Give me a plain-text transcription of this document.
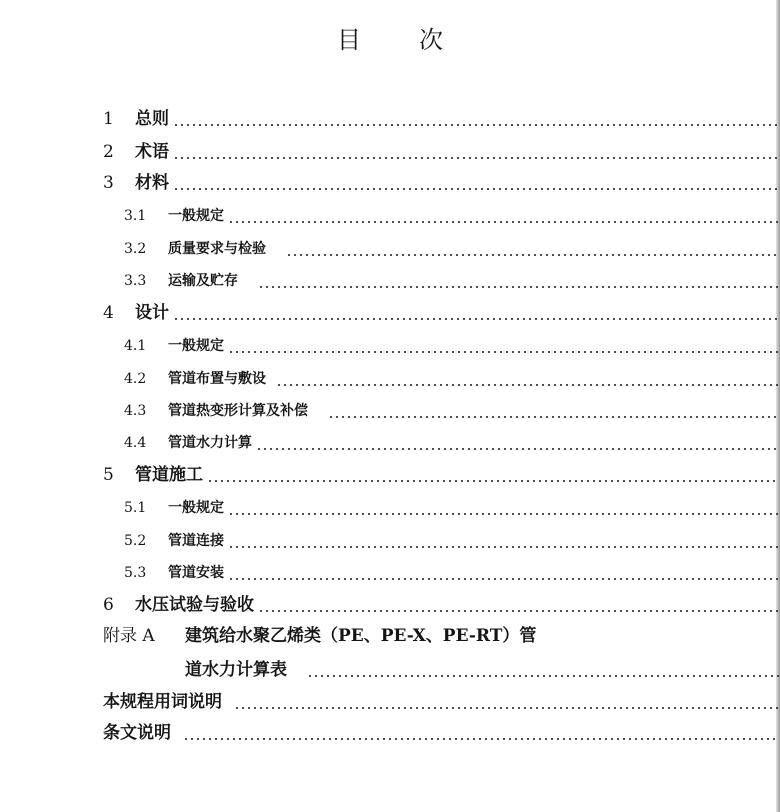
目 次
1	总则
2	术语
3	材料
3.1	一般规定
3.2	质量要求与检验
3.3	运输及贮存
4	设计
4.1	一般规定
4.2	管道布置与敷设
4.3	管道热变形计算及补偿
4.4	管道水力计算
5	管道施工
5.1	一般规定
5.2	管道连接
5.3	管道安装
6	水压试验与验收
附录 A	建筑给水聚乙烯类（PE、PE-X、PE-RT）管
道水力计算表
本规程用词说明
条文说明
